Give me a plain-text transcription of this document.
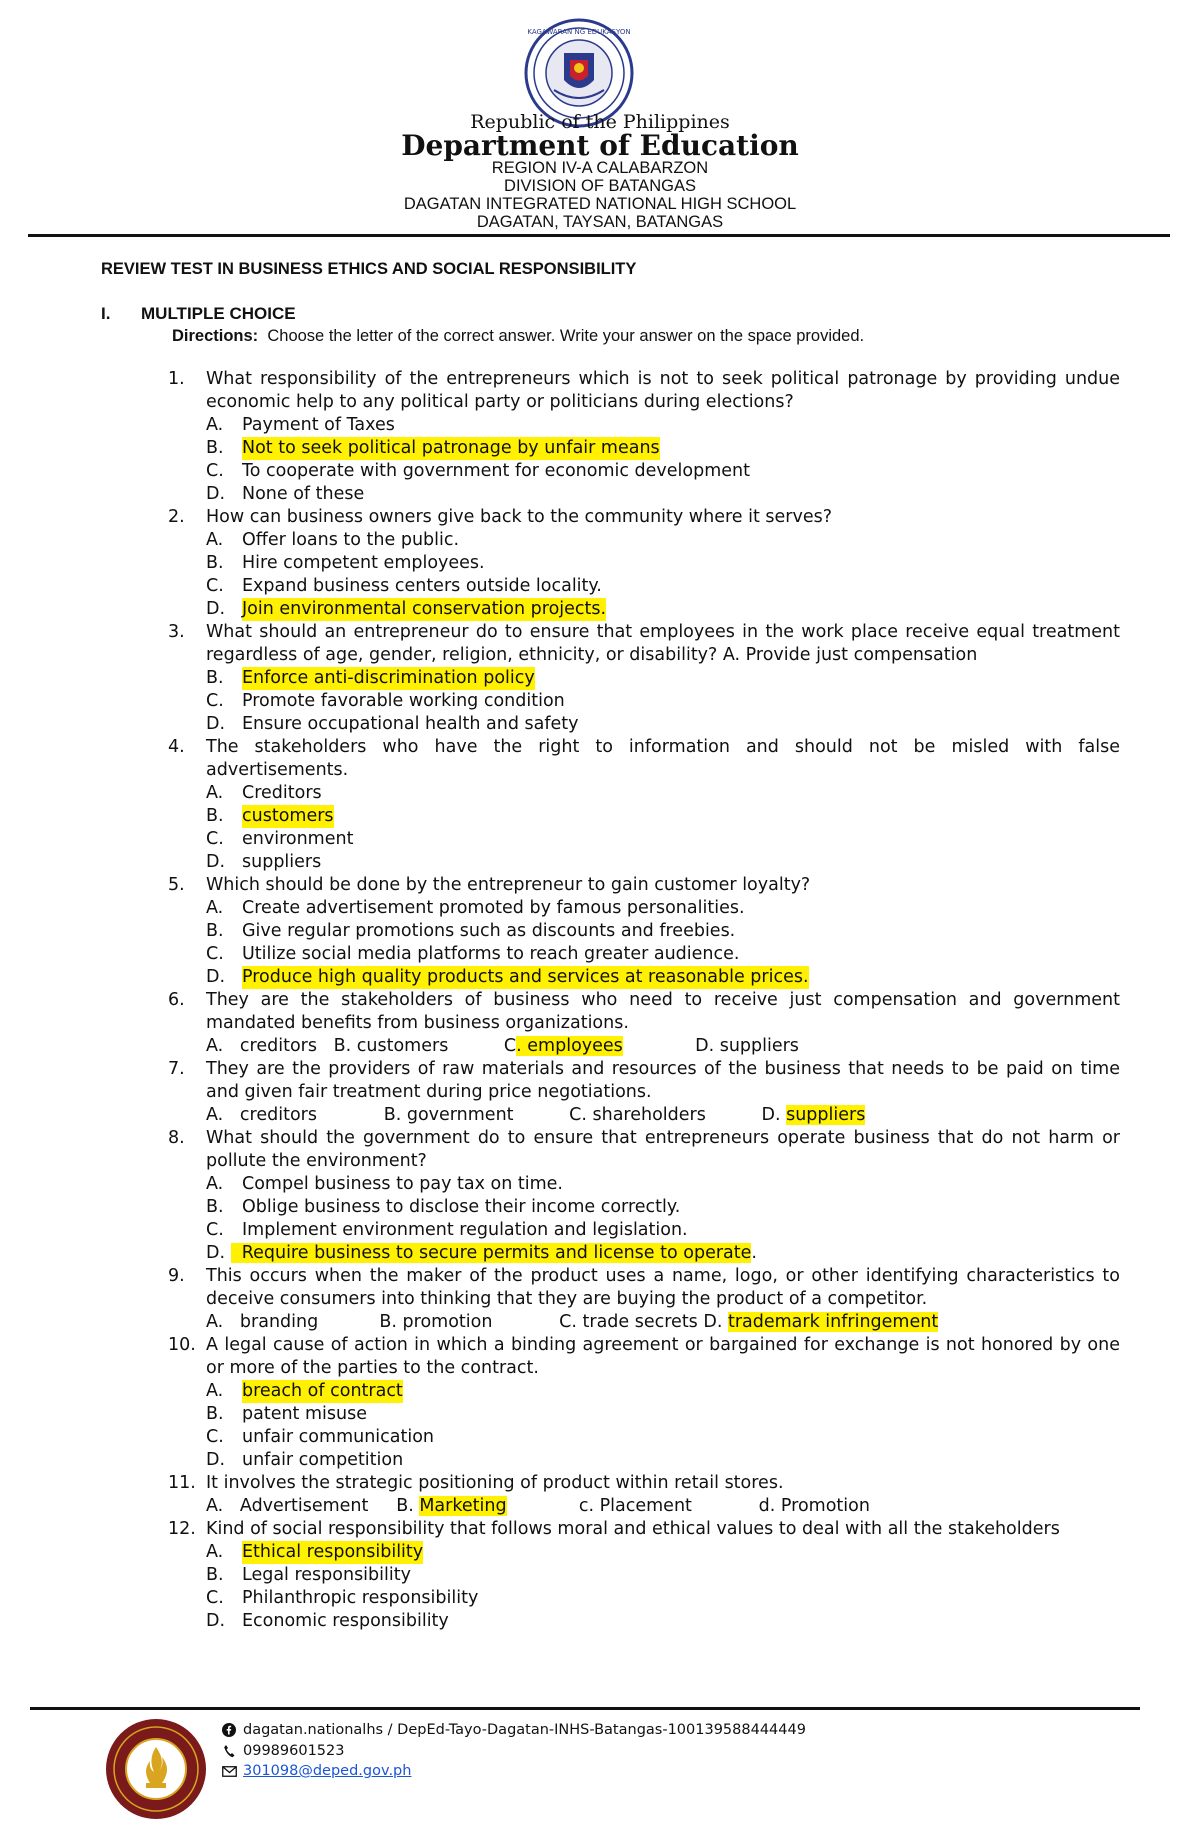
KAGAWARAN NG EDUKASYON
Republic of the Philippines
Department of Education
REGION IV-A CALABARZON
DIVISION OF BATANGAS
DAGATAN INTEGRATED NATIONAL HIGH SCHOOL
DAGATAN, TAYSAN, BATANGAS
REVIEW TEST IN BUSINESS ETHICS AND SOCIAL RESPONSIBILITY
I. MULTIPLE CHOICE
Directions: Choose the letter of the correct answer. Write your answer on the space provided.
1.	What responsibility of the entrepreneurs which is not to seek political patronage by providing undue economic help to any political party or politicians during elections?
A.	Payment of Taxes
B.	Not to seek political patronage by unfair means
C.	To cooperate with government for economic development
D. None of these
2.	How can business owners give back to the community where it serves?
A.	Offer loans to the public.
B.	Hire competent employees.
C.	Expand business centers outside locality.
D. Join environmental conservation projects.
3.	What should an entrepreneur do to ensure that employees in the work place receive equal treatment regardless of age, gender, religion, ethnicity, or disability? A. Provide just compensation
B.	Enforce anti-discrimination policy
C.	Promote favorable working condition
D. Ensure occupational health and safety
4.	The stakeholders who have the right to information and should not be misled with false advertisements.
A.	Creditors
B.	customers
C.	environment
D. suppliers
5.	Which should be done by the entrepreneur to gain customer loyalty?
A.	Create advertisement promoted by famous personalities.
B.	Give regular promotions such as discounts and freebies.
C.	Utilize social media platforms to reach greater audience.
D. Produce high quality products and services at reasonable prices.
6.	They are the stakeholders of business who need to receive just compensation and government mandated benefits from business organizations.
A.   creditors   B. customers          C. employees             D. suppliers
7.	They are the providers of raw materials and resources of the business that needs to be paid on time and given fair treatment during price negotiations.
A.   creditors            B. government          C. shareholders          D. suppliers
8.	What should the government do to ensure that entrepreneurs operate business that do not harm or pollute the environment?
A.	Compel business to pay tax on time.
B.	Oblige business to disclose their income correctly.
C.	Implement environment regulation and legislation.
D.   Require business to secure permits and license to operate.
9.	This occurs when the maker of the product uses a name, logo, or other identifying characteristics to deceive consumers into thinking that they are buying the product of a competitor.
A.   branding           B. promotion            C. trade secrets D. trademark infringement
10. A legal cause of action in which a binding agreement or bargained for exchange is not honored by one or more of the parties to the contract.
A.	breach of contract
B.	patent misuse
C.	unfair communication
D. unfair competition
11. It involves the strategic positioning of product within retail stores.
A.   Advertisement     B. Marketing             c. Placement            d. Promotion
12. Kind of social responsibility that follows moral and ethical values to deal with all the stakeholders
A.	Ethical responsibility
B.	Legal responsibility
C.	Philanthropic responsibility
D. Economic responsibility
dagatan.nationalhs / DepEd-Tayo-Dagatan-INHS-Batangas-100139588444449
09989601523
301098@deped.gov.ph
